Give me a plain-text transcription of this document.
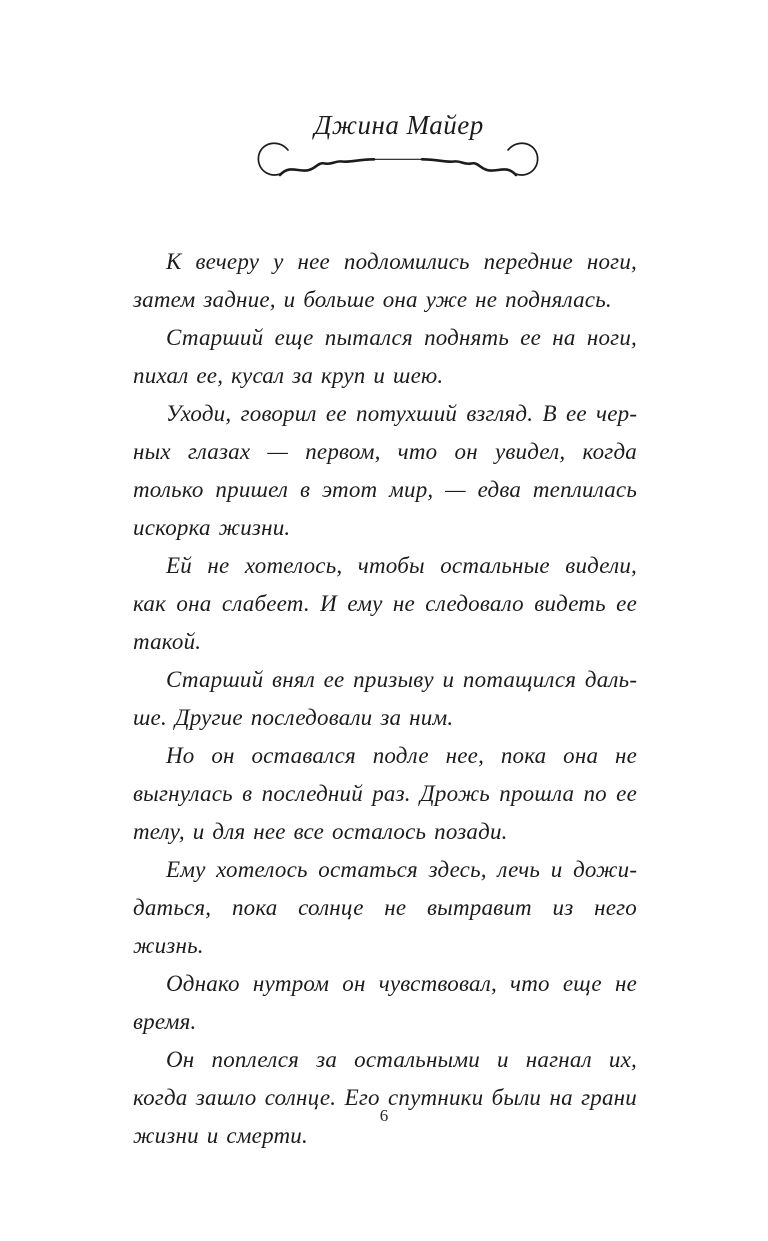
Джина Майер

К вечеру у нее подломились передние ноги, затем задние, и больше она уже не поднялась.

Старший еще пытался поднять ее на ноги, пихал ее, кусал за круп и шею.

Уходи, говорил ее потухший взгляд. В ее черных глазах — первом, что он увидел, когда только пришел в этот мир, — едва теплилась искорка жизни.

Ей не хотелось, чтобы остальные видели, как она слабеет. И ему не следовало видеть ее такой.

Старший внял ее призыву и потащился дальше. Другие последовали за ним.

Но он оставался подле нее, пока она не выгнулась в последний раз. Дрожь прошла по ее телу, и для нее все осталось позади.

Ему хотелось остаться здесь, лечь и дожидаться, пока солнце не вытравит из него жизнь.

Однако нутром он чувствовал, что еще не время.

Он поплелся за остальными и нагнал их, когда зашло солнце. Его спутники были на грани жизни и смерти.

6
